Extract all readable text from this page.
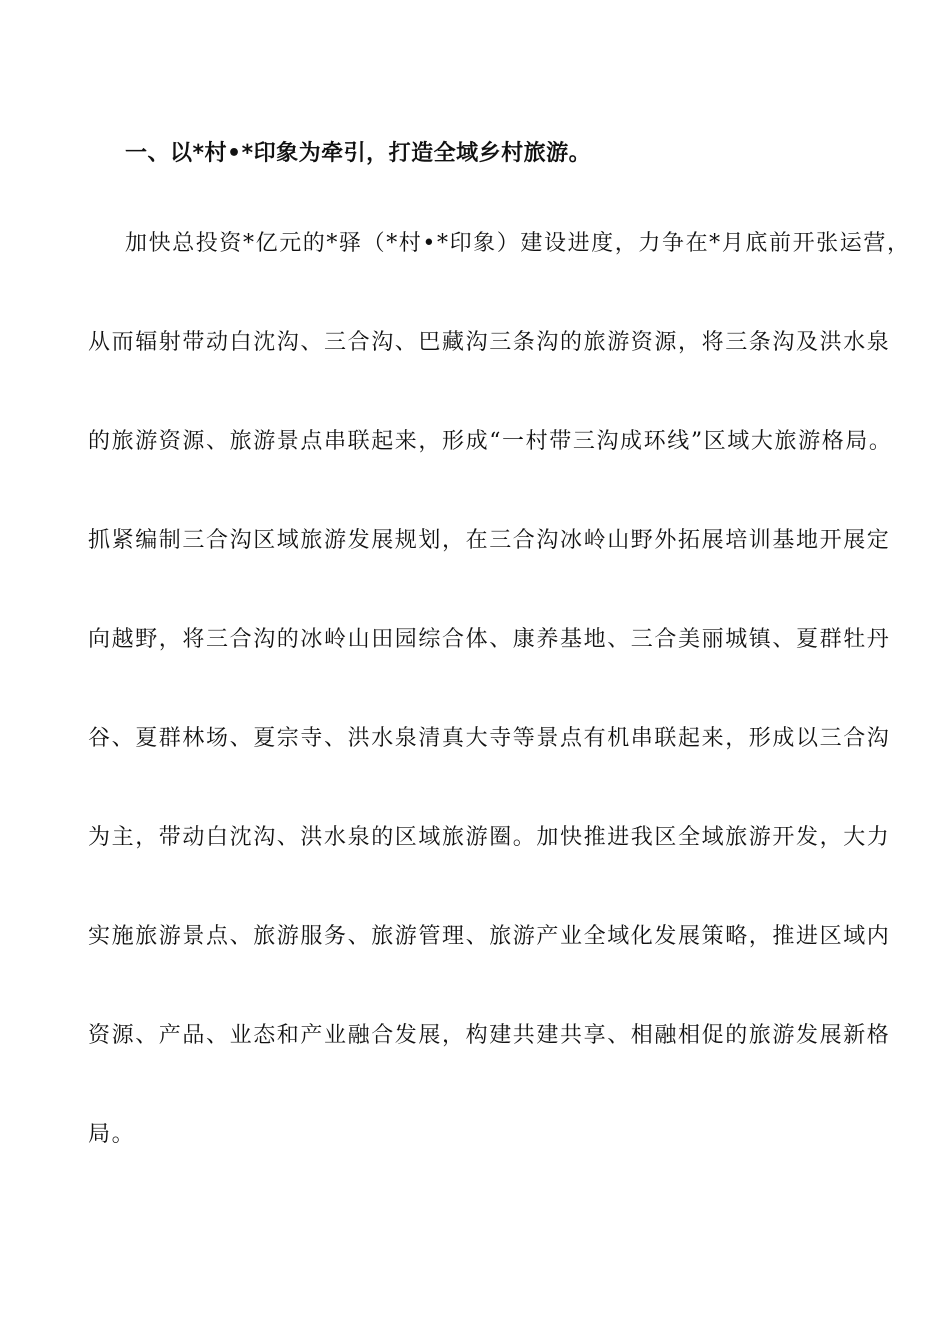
一、以*村•*印象为牵引，打造全域乡村旅游。
加快总投资*亿元的*驿（*村•*印象）建设进度，力争在*月底前开张运营，
从而辐射带动白沈沟、三合沟、巴藏沟三条沟的旅游资源，将三条沟及洪水泉
的旅游资源、旅游景点串联起来，形成“一村带三沟成环线”区域大旅游格局。
抓紧编制三合沟区域旅游发展规划，在三合沟冰岭山野外拓展培训基地开展定
向越野，将三合沟的冰岭山田园综合体、康养基地、三合美丽城镇、夏群牡丹
谷、夏群林场、夏宗寺、洪水泉清真大寺等景点有机串联起来，形成以三合沟
为主，带动白沈沟、洪水泉的区域旅游圈。加快推进我区全域旅游开发，大力
实施旅游景点、旅游服务、旅游管理、旅游产业全域化发展策略，推进区域内
资源、产品、业态和产业融合发展，构建共建共享、相融相促的旅游发展新格
局。
